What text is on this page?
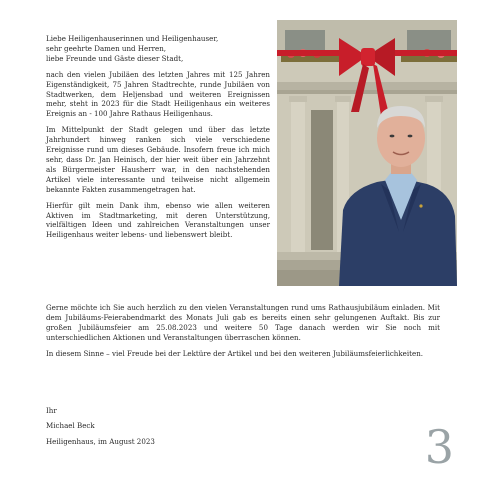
Liebe Heiligenhauserinnen und Heiligenhauser,
sehr geehrte Damen und Herren,
liebe Freunde und Gäste dieser Stadt,

nach den vielen Jubiläen des letzten Jahres mit 125 Jahren Eigenständigkeit, 75 Jahren Stadtrechte, runde Jubiläen von Stadtwerken, dem Heljensbad und weiteren Ereignissen mehr, steht in 2023 für die Stadt Heiligenhaus ein weiteres Ereignis an - 100 Jahre Rathaus Heiligenhaus.

Im Mittelpunkt der Stadt gelegen und über das letzte Jahrhundert hinweg ranken sich viele verschiedene Ereignisse rund um dieses Gebäude. Insofern freue ich mich sehr, dass Dr. Jan Heinisch, der hier weit über ein Jahrzehnt als Bürgermeister Hausherr war, in den nachstehenden Artikel viele interessante und teilweise nicht allgemein bekannte Fakten zusammengetragen hat.

Hierfür gilt mein Dank ihm, ebenso wie allen weiteren Aktiven im Stadtmarketing, mit deren Unterstützung, vielfältigen Ideen und zahlreichen Veranstaltungen unser Heiligenhaus weiter lebens- und liebenswert bleibt.

Gerne möchte ich Sie auch herzlich zu den vielen Veranstaltungen rund ums Rathausjubiläum einladen. Mit dem Jubiläums-Feierabendmarkt des Monats Juli gab es bereits einen sehr gelungenen Auftakt. Bis zur großen Jubiläumsfeier am 25.08.2023 und weitere 50 Tage danach werden wir Sie noch mit unterschiedlichen Aktionen und Veranstaltungen überraschen können.

In diesem Sinne – viel Freude bei der Lektüre der Artikel und bei den weiteren Jubiläumsfeierlichkeiten.

Ihr
Michael Beck
Heiligenhaus, im August 2023	3
